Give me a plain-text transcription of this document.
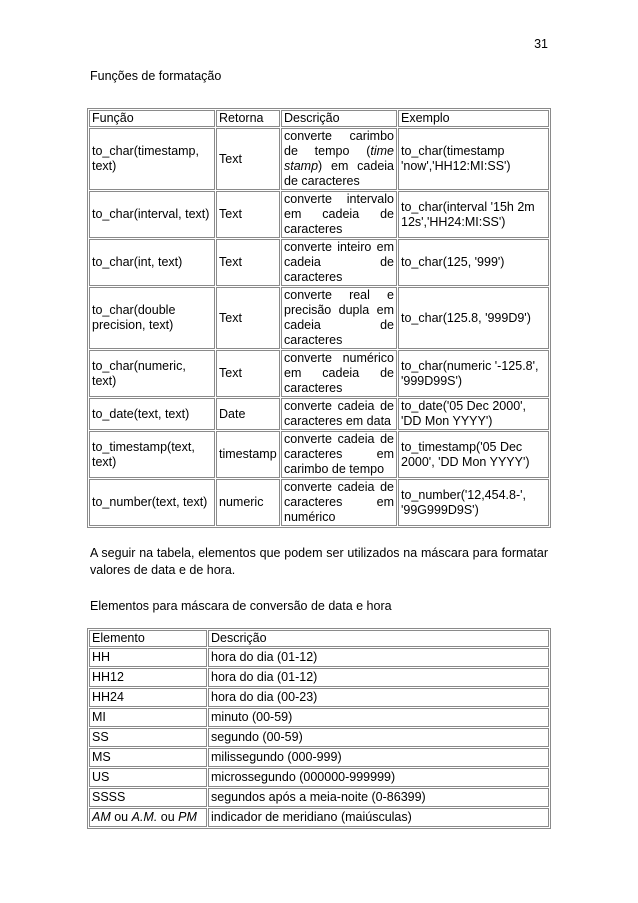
31
Funções de formatação
Função	Retorna	Descrição	Exemplo
to_char(timestamp, text)	Text	converte carimbo de tempo (time stamp) em cadeia de caracteres	to_char(timestamp 'now','HH12:MI:SS')
to_char(interval, text)	Text	converte intervalo em cadeia de caracteres	to_char(interval '15h 2m 12s','HH24:MI:SS')
to_char(int, text)	Text	converte inteiro em cadeia de caracteres	to_char(125, '999')
to_char(double precision, text)	Text	converte real e precisão dupla em cadeia de caracteres	to_char(125.8, '999D9')
to_char(numeric, text)	Text	converte numérico em cadeia de caracteres	to_char(numeric '-125.8', '999D99S')
to_date(text, text)	Date	converte cadeia de caracteres em data	to_date('05 Dec 2000', 'DD Mon YYYY')
to_timestamp(text, text)	timestamp	converte cadeia de caracteres em carimbo de tempo	to_timestamp('05 Dec 2000', 'DD Mon YYYY')
to_number(text, text)	numeric	converte cadeia de caracteres em numérico	to_number('12,454.8-', '99G999D9S')
A seguir na tabela, elementos que podem ser utilizados na máscara para formatar valores de data e de hora.
Elementos para máscara de conversão de data e hora
Elemento	Descrição
HH	hora do dia (01-12)
HH12	hora do dia (01-12)
HH24	hora do dia (00-23)
MI	minuto (00-59)
SS	segundo (00-59)
MS	milissegundo (000-999)
US	microssegundo (000000-999999)
SSSS	segundos após a meia-noite (0-86399)
AM ou A.M. ou PM	indicador de meridiano (maiúsculas)
